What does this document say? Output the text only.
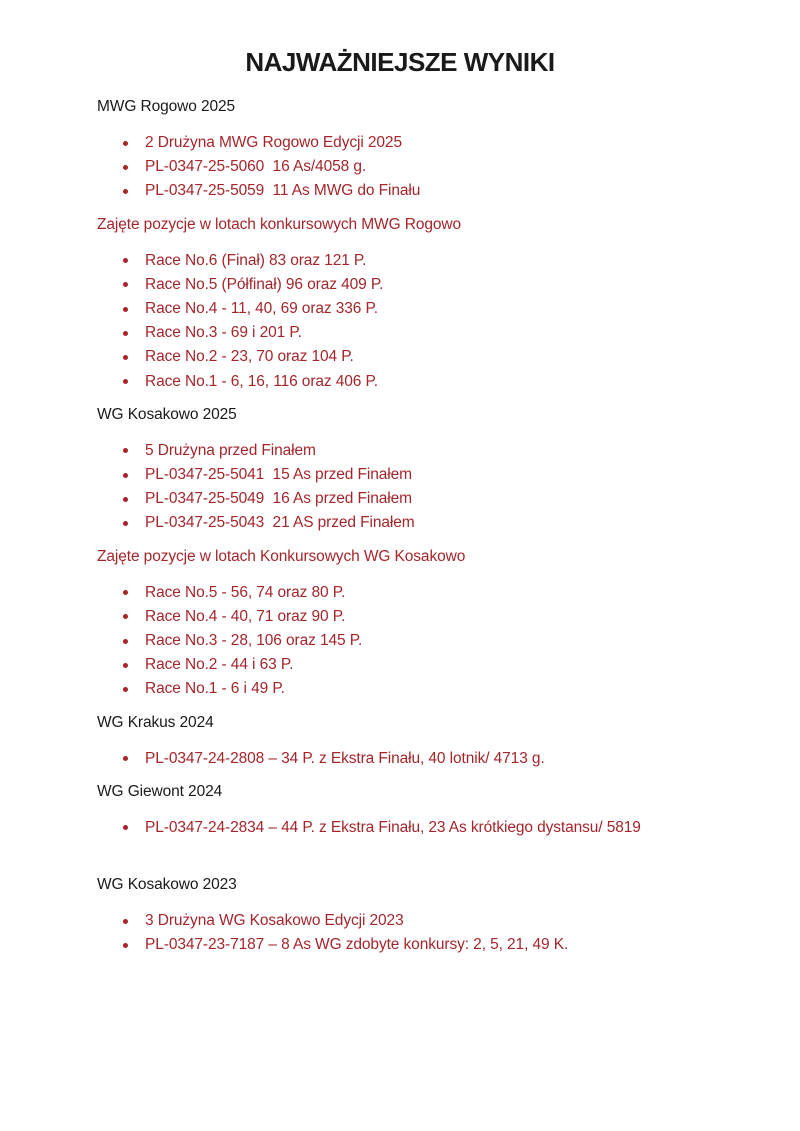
NAJWAŻNIEJSZE WYNIKI

MWG Rogowo 2025

2 Drużyna MWG Rogowo Edycji 2025
PL-0347-25-5060  16 As/4058 g.
PL-0347-25-5059  11 As MWG do Finału

Zajęte pozycje w lotach konkursowych MWG Rogowo

Race No.6 (Finał) 83 oraz 121 P.
Race No.5 (Półfinał) 96 oraz 409 P.
Race No.4 - 11, 40, 69 oraz 336 P.
Race No.3 - 69 i 201 P.
Race No.2 - 23, 70 oraz 104 P.
Race No.1 - 6, 16, 116 oraz 406 P.

WG Kosakowo 2025

5 Drużyna przed Finałem
PL-0347-25-5041  15 As przed Finałem
PL-0347-25-5049  16 As przed Finałem
PL-0347-25-5043  21 AS przed Finałem

Zajęte pozycje w lotach Konkursowych WG Kosakowo

Race No.5 - 56, 74 oraz 80 P.
Race No.4 - 40, 71 oraz 90 P.
Race No.3 - 28, 106 oraz 145 P.
Race No.2 - 44 i 63 P.
Race No.1 - 6 i 49 P.

WG Krakus 2024

PL-0347-24-2808 – 34 P. z Ekstra Finału, 40 lotnik/ 4713 g.

WG Giewont 2024

PL-0347-24-2834 – 44 P. z Ekstra Finału, 23 As krótkiego dystansu/ 5819

WG Kosakowo 2023

3 Drużyna WG Kosakowo Edycji 2023
PL-0347-23-7187 – 8 As WG zdobyte konkursy: 2, 5, 21, 49 K.
